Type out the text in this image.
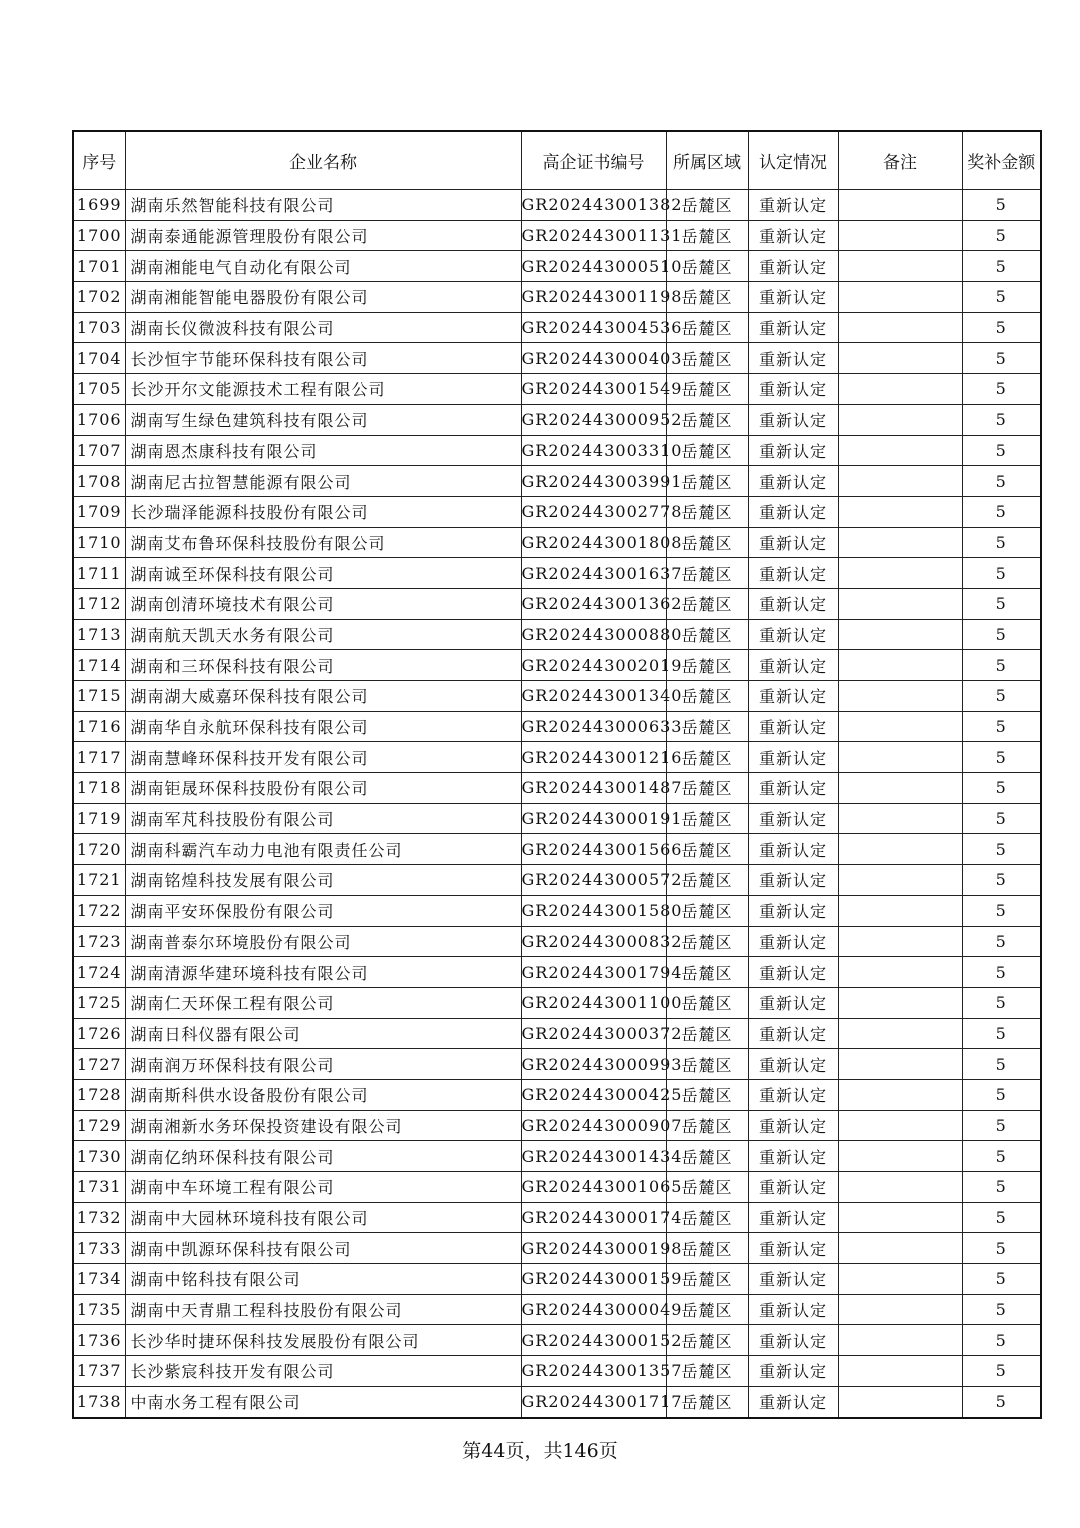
序号	企业名称	高企证书编号	所属区域	认定情况	备注	奖补金额
1699	湖南乐然智能科技有限公司	GR202443001382	岳麓区	重新认定		5
1700	湖南泰通能源管理股份有限公司	GR202443001131	岳麓区	重新认定		5
1701	湖南湘能电气自动化有限公司	GR202443000510	岳麓区	重新认定		5
1702	湖南湘能智能电器股份有限公司	GR202443001198	岳麓区	重新认定		5
1703	湖南长仪微波科技有限公司	GR202443004536	岳麓区	重新认定		5
1704	长沙恒宇节能环保科技有限公司	GR202443000403	岳麓区	重新认定		5
1705	长沙开尔文能源技术工程有限公司	GR202443001549	岳麓区	重新认定		5
1706	湖南写生绿色建筑科技有限公司	GR202443000952	岳麓区	重新认定		5
1707	湖南恩杰康科技有限公司	GR202443003310	岳麓区	重新认定		5
1708	湖南尼古拉智慧能源有限公司	GR202443003991	岳麓区	重新认定		5
1709	长沙瑞泽能源科技股份有限公司	GR202443002778	岳麓区	重新认定		5
1710	湖南艾布鲁环保科技股份有限公司	GR202443001808	岳麓区	重新认定		5
1711	湖南诚至环保科技有限公司	GR202443001637	岳麓区	重新认定		5
1712	湖南创清环境技术有限公司	GR202443001362	岳麓区	重新认定		5
1713	湖南航天凯天水务有限公司	GR202443000880	岳麓区	重新认定		5
1714	湖南和三环保科技有限公司	GR202443002019	岳麓区	重新认定		5
1715	湖南湖大威嘉环保科技有限公司	GR202443001340	岳麓区	重新认定		5
1716	湖南华自永航环保科技有限公司	GR202443000633	岳麓区	重新认定		5
1717	湖南慧峰环保科技开发有限公司	GR202443001216	岳麓区	重新认定		5
1718	湖南钜晟环保科技股份有限公司	GR202443001487	岳麓区	重新认定		5
1719	湖南军芃科技股份有限公司	GR202443000191	岳麓区	重新认定		5
1720	湖南科霸汽车动力电池有限责任公司	GR202443001566	岳麓区	重新认定		5
1721	湖南铭煌科技发展有限公司	GR202443000572	岳麓区	重新认定		5
1722	湖南平安环保股份有限公司	GR202443001580	岳麓区	重新认定		5
1723	湖南普泰尔环境股份有限公司	GR202443000832	岳麓区	重新认定		5
1724	湖南清源华建环境科技有限公司	GR202443001794	岳麓区	重新认定		5
1725	湖南仁天环保工程有限公司	GR202443001100	岳麓区	重新认定		5
1726	湖南日科仪器有限公司	GR202443000372	岳麓区	重新认定		5
1727	湖南润万环保科技有限公司	GR202443000993	岳麓区	重新认定		5
1728	湖南斯科供水设备股份有限公司	GR202443000425	岳麓区	重新认定		5
1729	湖南湘新水务环保投资建设有限公司	GR202443000907	岳麓区	重新认定		5
1730	湖南亿纳环保科技有限公司	GR202443001434	岳麓区	重新认定		5
1731	湖南中车环境工程有限公司	GR202443001065	岳麓区	重新认定		5
1732	湖南中大园林环境科技有限公司	GR202443000174	岳麓区	重新认定		5
1733	湖南中凯源环保科技有限公司	GR202443000198	岳麓区	重新认定		5
1734	湖南中铭科技有限公司	GR202443000159	岳麓区	重新认定		5
1735	湖南中天青鼎工程科技股份有限公司	GR202443000049	岳麓区	重新认定		5
1736	长沙华时捷环保科技发展股份有限公司	GR202443000152	岳麓区	重新认定		5
1737	长沙紫宸科技开发有限公司	GR202443001357	岳麓区	重新认定		5
1738	中南水务工程有限公司	GR202443001717	岳麓区	重新认定		5
第44页，共146页
